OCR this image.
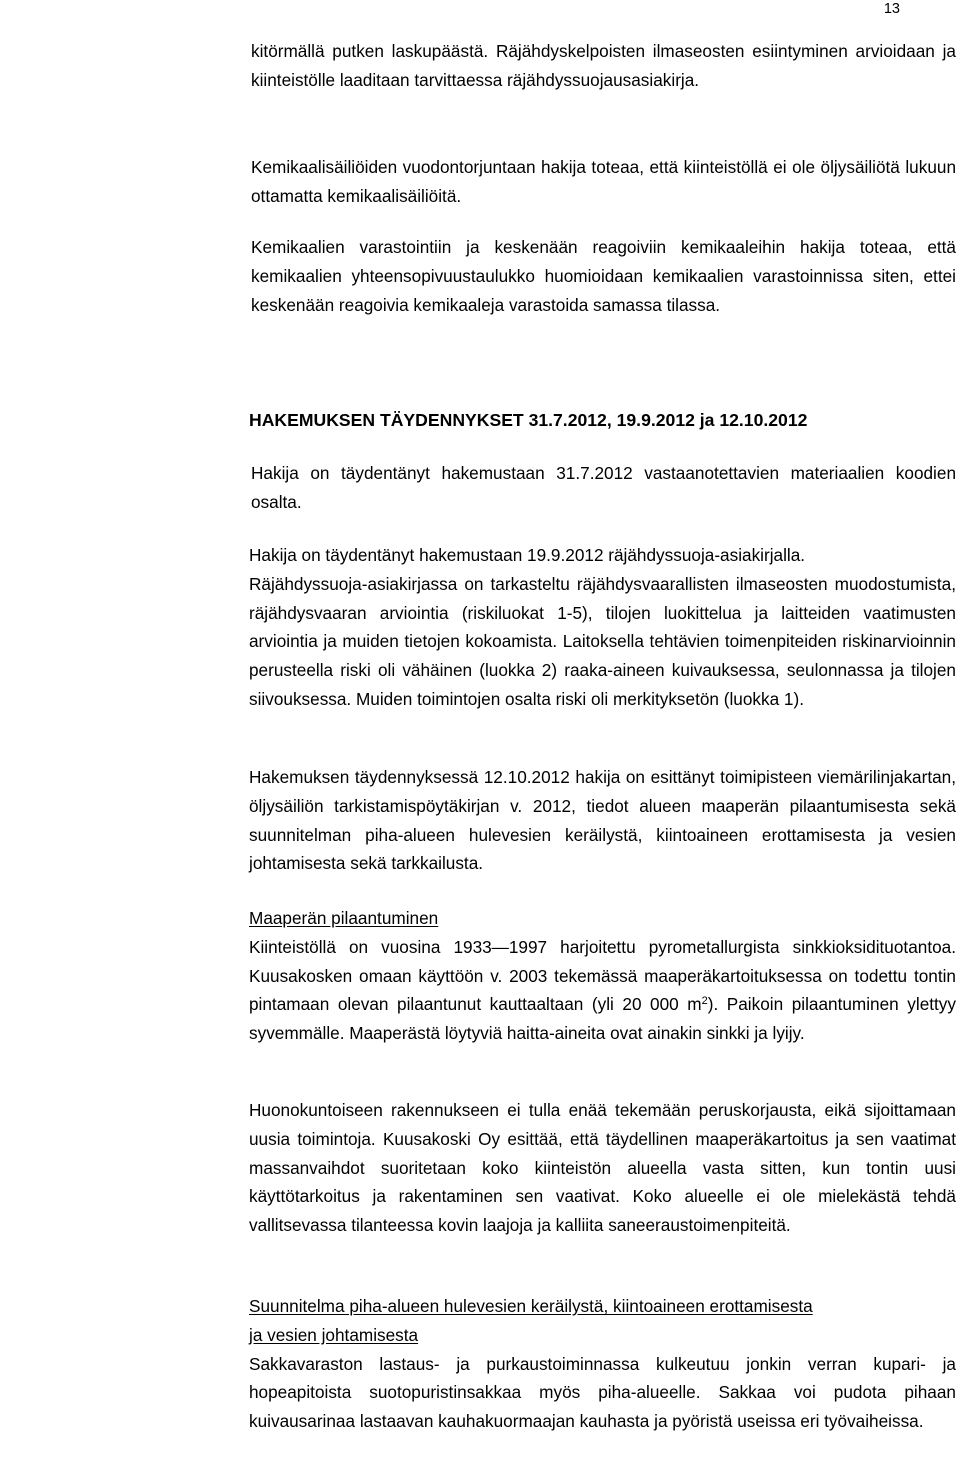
13

kitörmällä putken laskupäästä. Räjähdyskelpoisten ilmaseosten esiintyminen arvioidaan ja kiinteistölle laaditaan tarvittaessa räjähdyssuojausasiakirja.

Kemikaalisäiliöiden vuodontorjuntaan hakija toteaa, että kiinteistöllä ei ole öljysäiliötä lukuun ottamatta kemikaalisäiliöitä.

Kemikaalien varastointiin ja keskenään reagoiviin kemikaaleihin hakija toteaa, että kemikaalien yhteensopivuustaulukko huomioidaan kemikaalien varastoinnissa siten, ettei keskenään reagoivia kemikaaleja varastoida samassa tilassa.

HAKEMUKSEN TÄYDENNYKSET 31.7.2012, 19.9.2012 ja 12.10.2012

Hakija on täydentänyt hakemustaan 31.7.2012 vastaanotettavien materiaalien koodien osalta.

Hakija on täydentänyt hakemustaan 19.9.2012 räjähdyssuoja-asiakirjalla.
Räjähdyssuoja-asiakirjassa on tarkasteltu räjähdysvaarallisten ilmaseosten muodostumista, räjähdysvaaran arviointia (riskiluokat 1-5), tilojen luokittelua ja laitteiden vaatimusten arviointia ja muiden tietojen kokoamista. Laitoksella tehtävien toimenpiteiden riskinarvioinnin perusteella riski oli vähäinen (luokka 2) raaka-aineen kuivauksessa, seulonnassa ja tilojen siivouksessa. Muiden toimintojen osalta riski oli merkityksetön (luokka 1).

Hakemuksen täydennyksessä 12.10.2012 hakija on esittänyt toimipisteen viemärilinjakartan, öljysäiliön tarkistamispöytäkirjan v. 2012, tiedot alueen maaperän pilaantumisesta sekä suunnitelman piha-alueen hulevesien keräilystä, kiintoaineen erottamisesta ja vesien johtamisesta sekä tarkkailusta.

Maaperän pilaantuminen
Kiinteistöllä on vuosina 1933—1997 harjoitettu pyrometallurgista sinkkioksidituotantoa. Kuusakosken omaan käyttöön v. 2003 tekemässä maaperäkartoituksessa on todettu tontin pintamaan olevan pilaantunut kauttaaltaan (yli 20 000 $m^2$). Paikoin pilaantuminen ylettyy syvemmälle. Maaperästä löytyviä haitta-aineita ovat ainakin sinkki ja lyijy.

Huonokuntoiseen rakennukseen ei tulla enää tekemään peruskorjausta, eikä sijoittamaan uusia toimintoja. Kuusakoski Oy esittää, että täydellinen maaperäkartoitus ja sen vaatimat massanvaihdot suoritetaan koko kiinteistön alueella vasta sitten, kun tontin uusi käyttötarkoitus ja rakentaminen sen vaativat. Koko alueelle ei ole mielekästä tehdä vallitsevassa tilanteessa kovin laajoja ja kalliita saneeraustoimenpiteitä.

Suunnitelma piha-alueen hulevesien keräilystä, kiintoaineen erottamisesta
ja vesien johtamisesta
Sakkavaraston lastaus- ja purkaustoiminnassa kulkeutuu jonkin verran kupari- ja hopeapitoista suotopuristinsakkaa myös piha-alueelle. Sakkaa voi pudota pihaan kuivausarinaa lastaavan kauhakuormaajan kauhasta ja pyöristä useissa eri työvaiheissa.
